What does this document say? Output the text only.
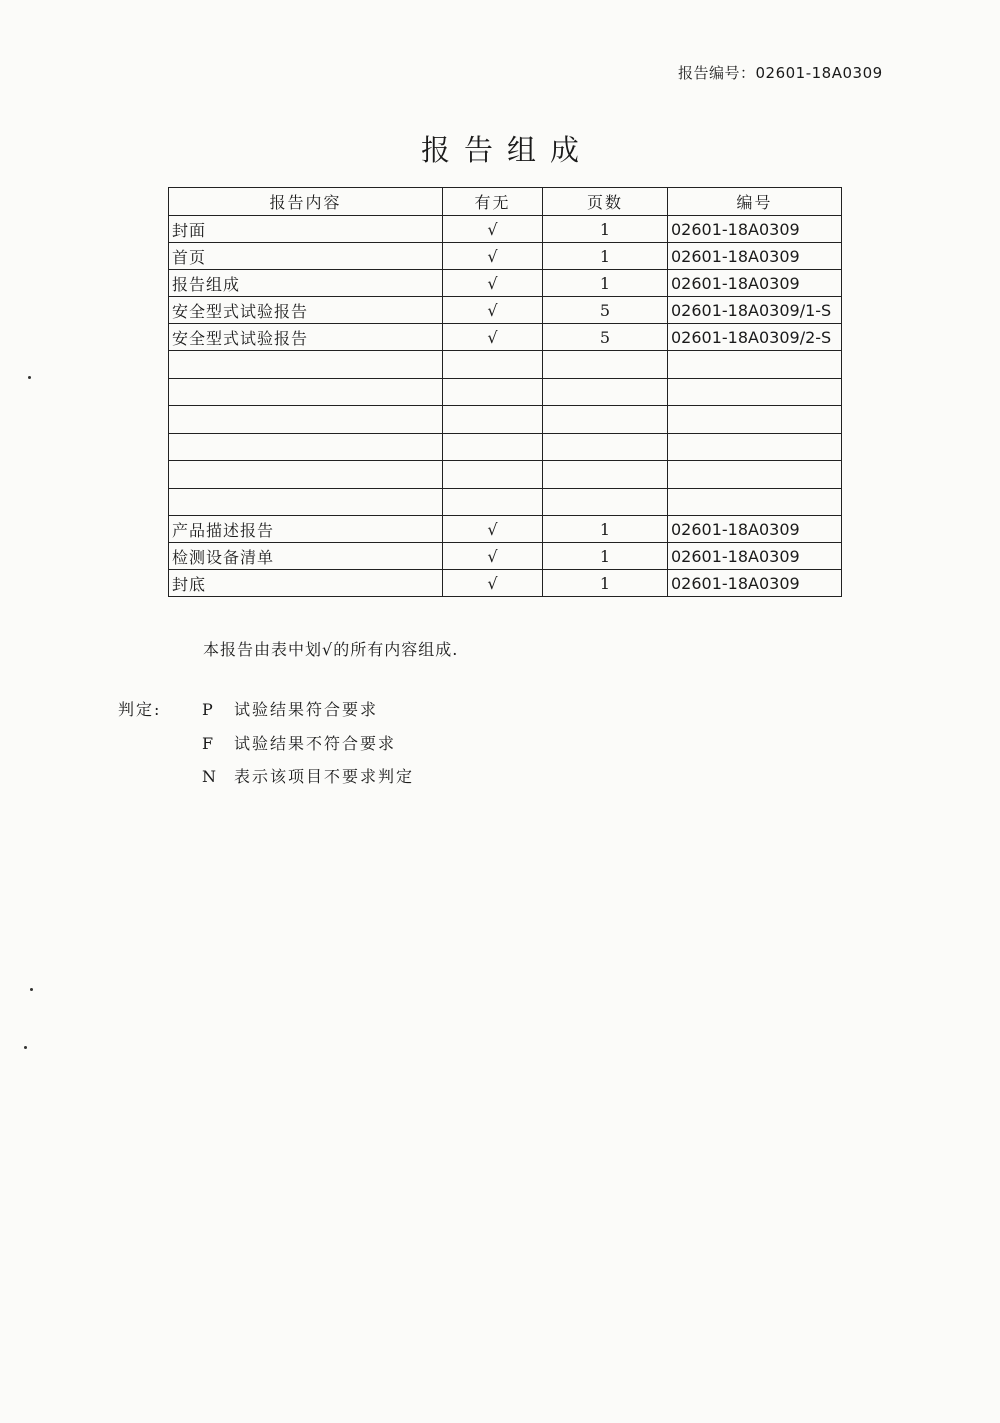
报告编号：02601-18A0309
报告组成
报告内容	有无	页数	编号
封面	√	1	02601-18A0309
首页	√	1	02601-18A0309
报告组成	√	1	02601-18A0309
安全型式试验报告	√	5	02601-18A0309/1-S
安全型式试验报告	√	5	02601-18A0309/2-S

产品描述报告	√	1	02601-18A0309
检测设备清单	√	1	02601-18A0309
封底	√	1	02601-18A0309
本报告由表中划√的所有内容组成.
判定:	P 试验结果符合要求
F 试验结果不符合要求
N 表示该项目不要求判定
